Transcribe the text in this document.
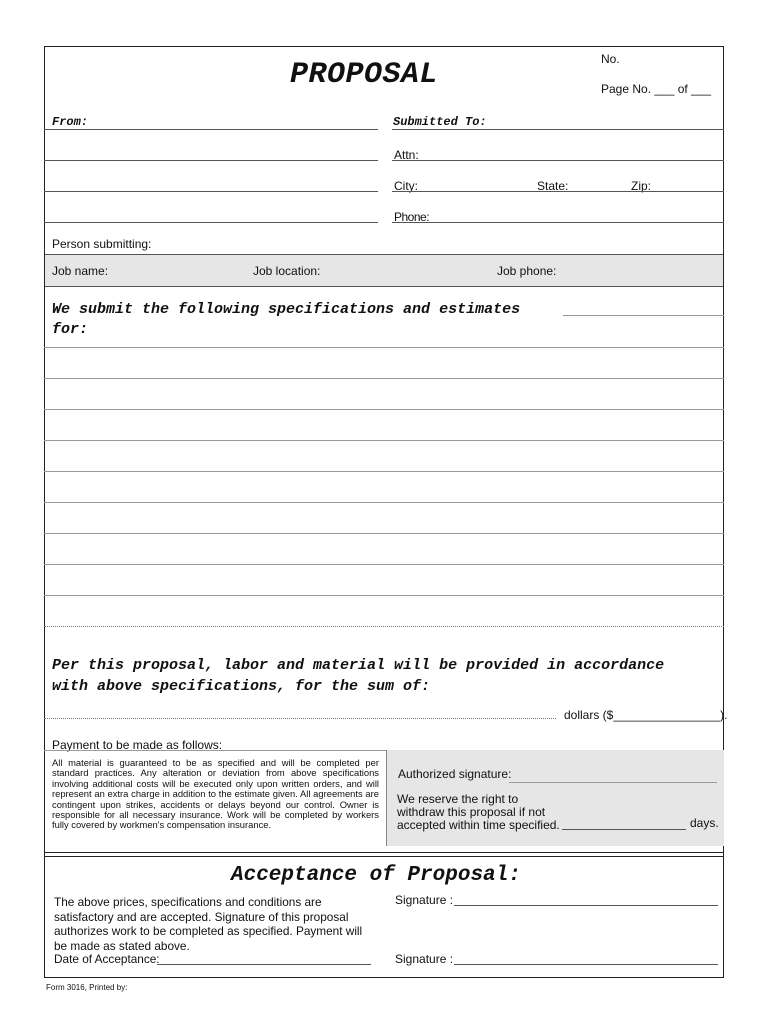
PROPOSAL	No.
Page No. ___ of ___
From:	Submitted To:
Attn:
City:	State:	Zip:
Phone:
Person submitting:
Job name:	Job location:	Job phone:
We submit the following specifications and estimates
for:
Per this proposal, labor and material will be provided in accordance
with above specifications, for the sum of:
dollars ($________________).
Payment to be made as follows:
All material is guaranteed to be as specified and will be completed per standard practices. Any alteration or deviation from above specifications involving additional costs will be executed only upon written orders, and will represent an extra charge in addition to the estimate given. All agreements are contingent upon strikes, accidents or delays beyond our control. Owner is responsible for all necessary insurance. Work will be completed by workers fully covered by workmen's compensation insurance.
Authorized signature:
We reserve the right to
withdraw this proposal if not
accepted within time specified.	days.
Acceptance of Proposal:
The above prices, specifications and conditions are satisfactory and are accepted. Signature of this proposal authorizes work to be completed as specified. Payment will be made as stated above.
Date of Acceptance:
Signature :
Signature :
Form 3016, Printed by:
